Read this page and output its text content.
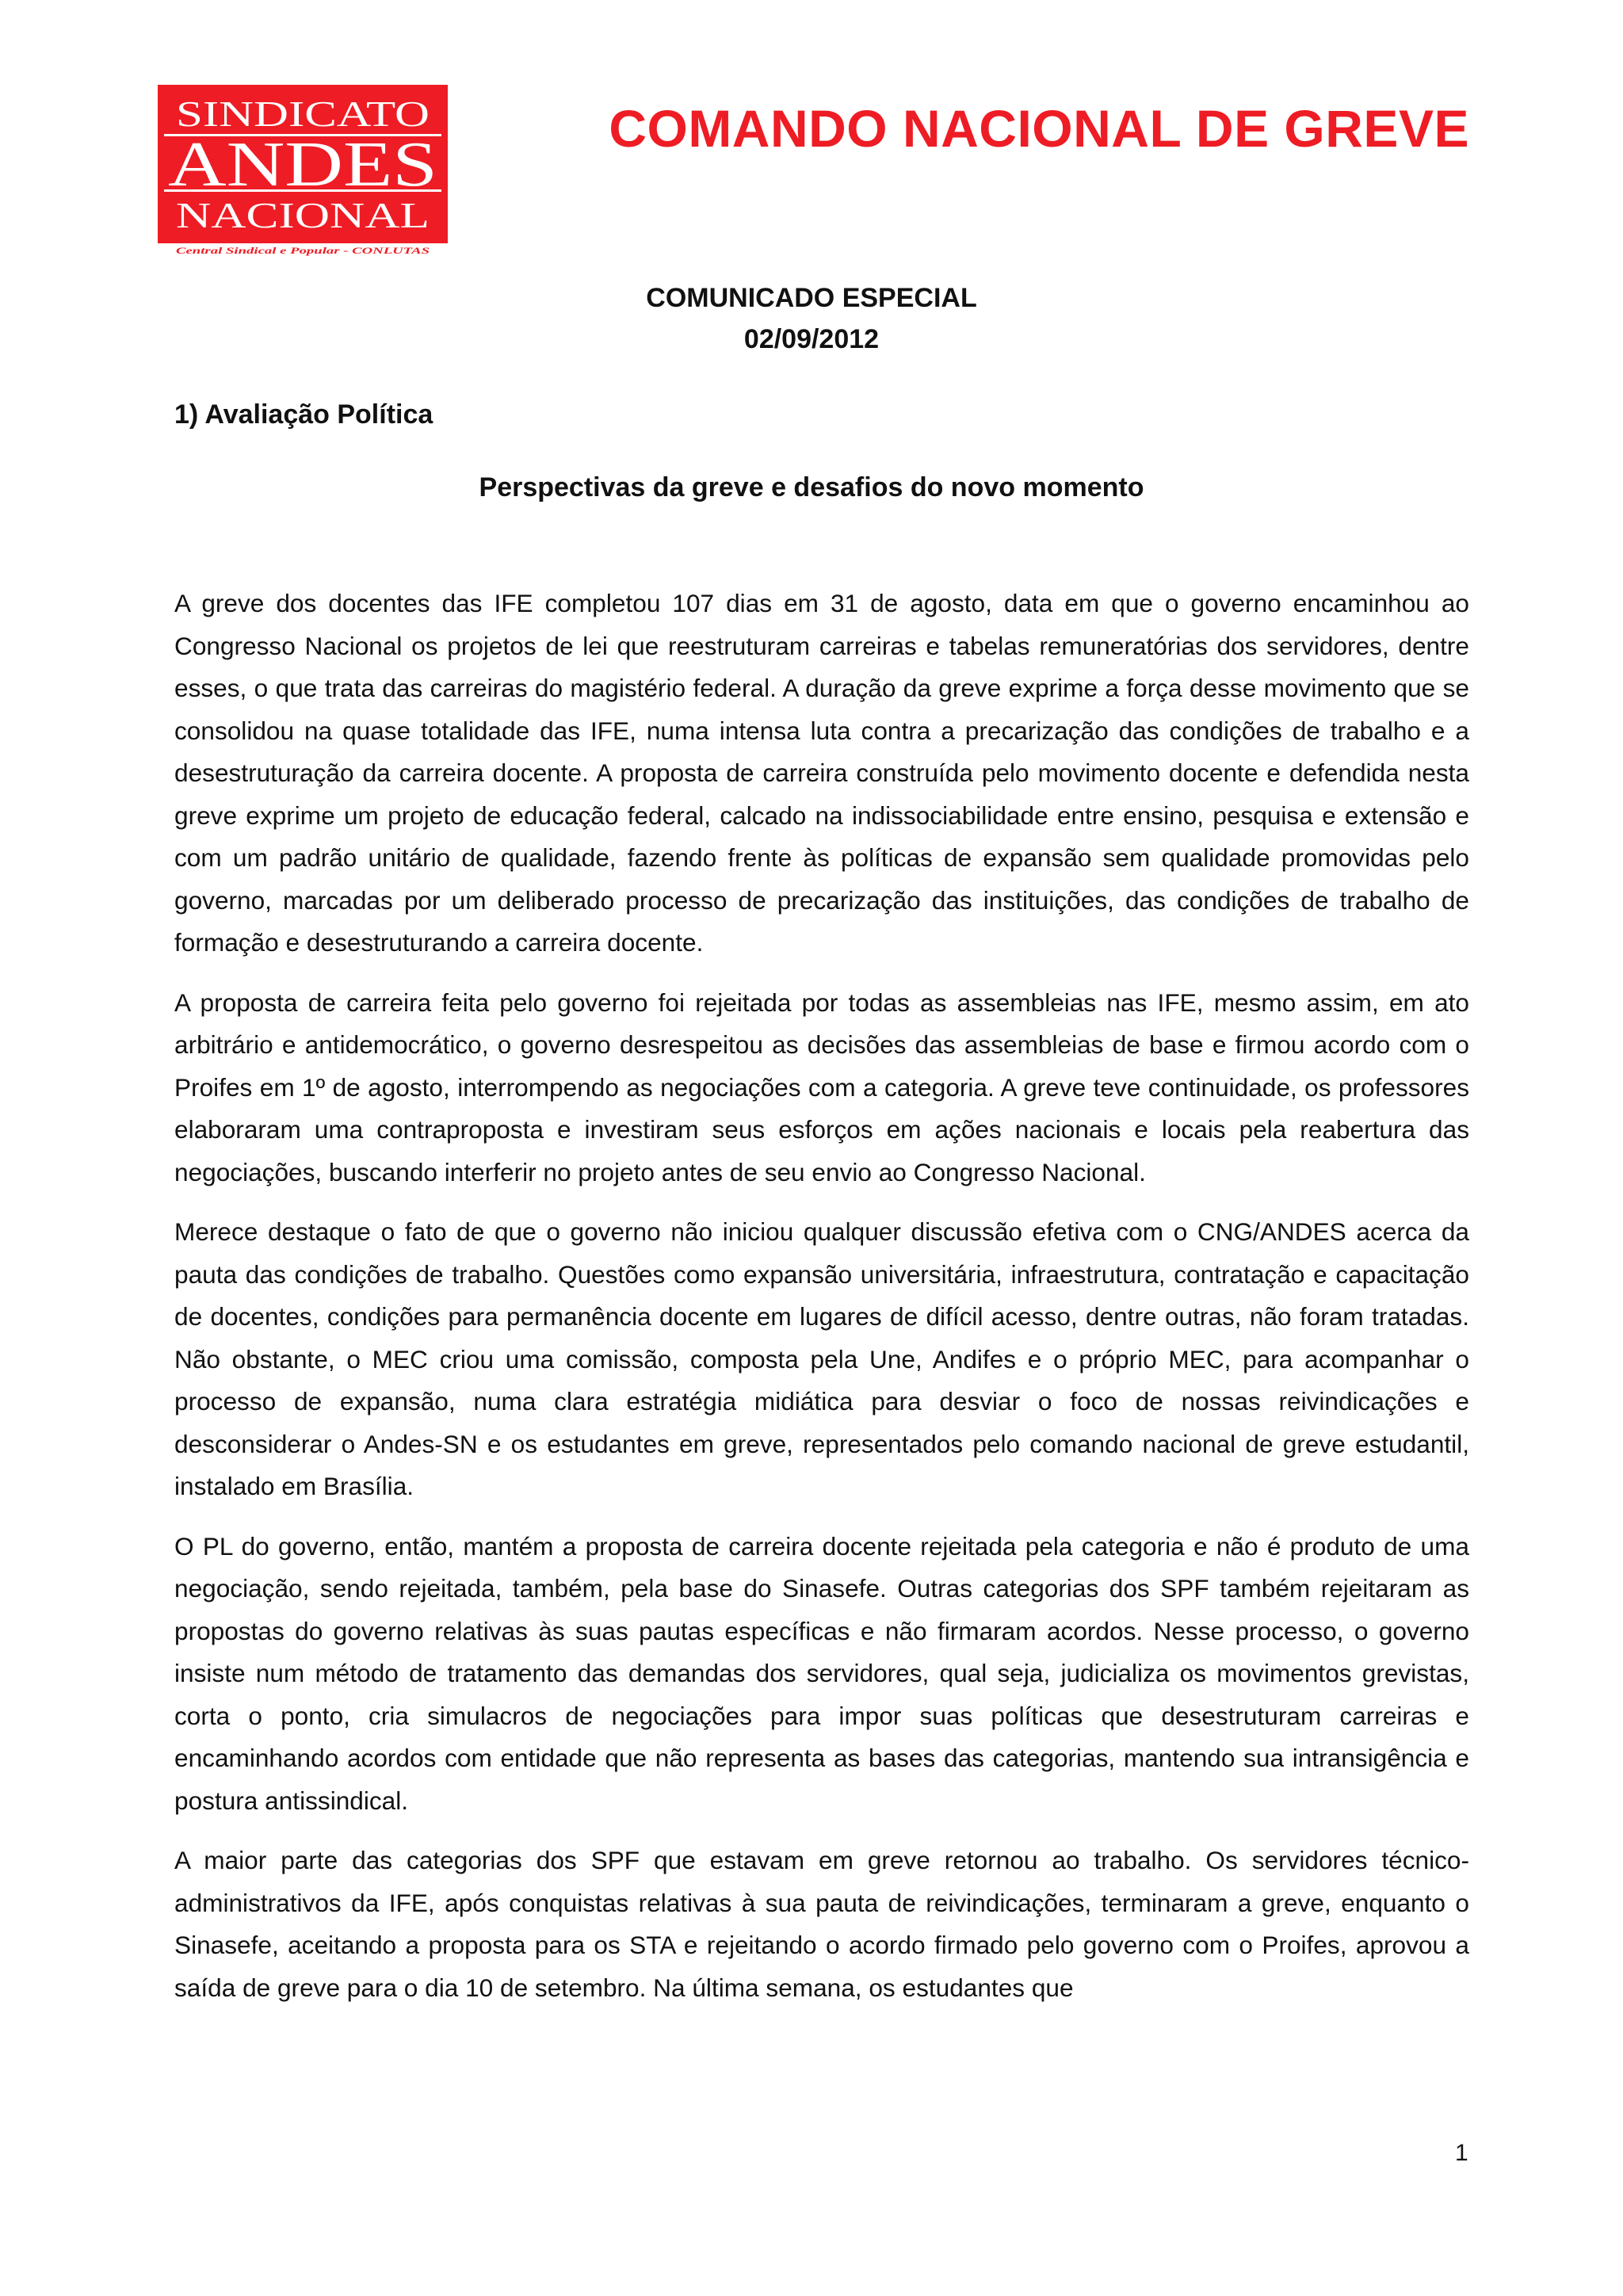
SINDICATO
ANDES
NACIONAL
Central Sindical e Popular - CONLUTAS
COMANDO NACIONAL DE GREVE
COMUNICADO ESPECIAL
02/09/2012
1) Avaliação Política
Perspectivas da greve e desafios do novo momento

A greve dos docentes das IFE completou 107 dias em 31 de agosto, data em que o governo encaminhou ao Congresso Nacional os projetos de lei que reestruturam carreiras e tabelas remuneratórias dos servidores, dentre esses, o que trata das carreiras do magistério federal. A duração da greve exprime a força desse movimento que se consolidou na quase totalidade das IFE, numa intensa luta contra a precarização das condições de trabalho e a desestruturação da carreira docente. A proposta de carreira construída pelo movimento docente e defendida nesta greve exprime um projeto de educação federal, calcado na indissociabilidade entre ensino, pesquisa e extensão e com um padrão unitário de qualidade, fazendo frente às políticas de expansão sem qualidade promovidas pelo governo, marcadas por um deliberado processo de precarização das instituições, das condições de trabalho de formação e desestruturando a carreira docente.

A proposta de carreira feita pelo governo foi rejeitada por todas as assembleias nas IFE, mesmo assim, em ato arbitrário e antidemocrático, o governo desrespeitou as decisões das assembleias de base e firmou acordo com o Proifes em 1º de agosto, interrompendo as negociações com a categoria. A greve teve continuidade, os professores elaboraram uma contraproposta e investiram seus esforços em ações nacionais e locais pela reabertura das negociações, buscando interferir no projeto antes de seu envio ao Congresso Nacional.

Merece destaque o fato de que o governo não iniciou qualquer discussão efetiva com o CNG/ANDES acerca da pauta das condições de trabalho. Questões como expansão universitária, infraestrutura, contratação e capacitação de docentes, condições para permanência docente em lugares de difícil acesso, dentre outras, não foram tratadas. Não obstante, o MEC criou uma comissão, composta pela Une, Andifes e o próprio MEC, para acompanhar o processo de expansão, numa clara estratégia midiática para desviar o foco de nossas reivindicações e desconsiderar o Andes-SN e os estudantes em greve, representados pelo comando nacional de greve estudantil, instalado em Brasília.

O PL do governo, então, mantém a proposta de carreira docente rejeitada pela categoria e não é produto de uma negociação, sendo rejeitada, também, pela base do Sinasefe. Outras categorias dos SPF também rejeitaram as propostas do governo relativas às suas pautas específicas e não firmaram acordos. Nesse processo, o governo insiste num método de tratamento das demandas dos servidores, qual seja, judicializa os movimentos grevistas, corta o ponto, cria simulacros de negociações para impor suas políticas que desestruturam carreiras e encaminhando acordos com entidade que não representa as bases das categorias, mantendo sua intransigência e postura antissindical.

A maior parte das categorias dos SPF que estavam em greve retornou ao trabalho. Os servidores técnico-administrativos da IFE, após conquistas relativas à sua pauta de reivindicações, terminaram a greve, enquanto o Sinasefe, aceitando a proposta para os STA e rejeitando o acordo firmado pelo governo com o Proifes, aprovou a saída de greve para o dia 10 de setembro. Na última semana, os estudantes que

1
